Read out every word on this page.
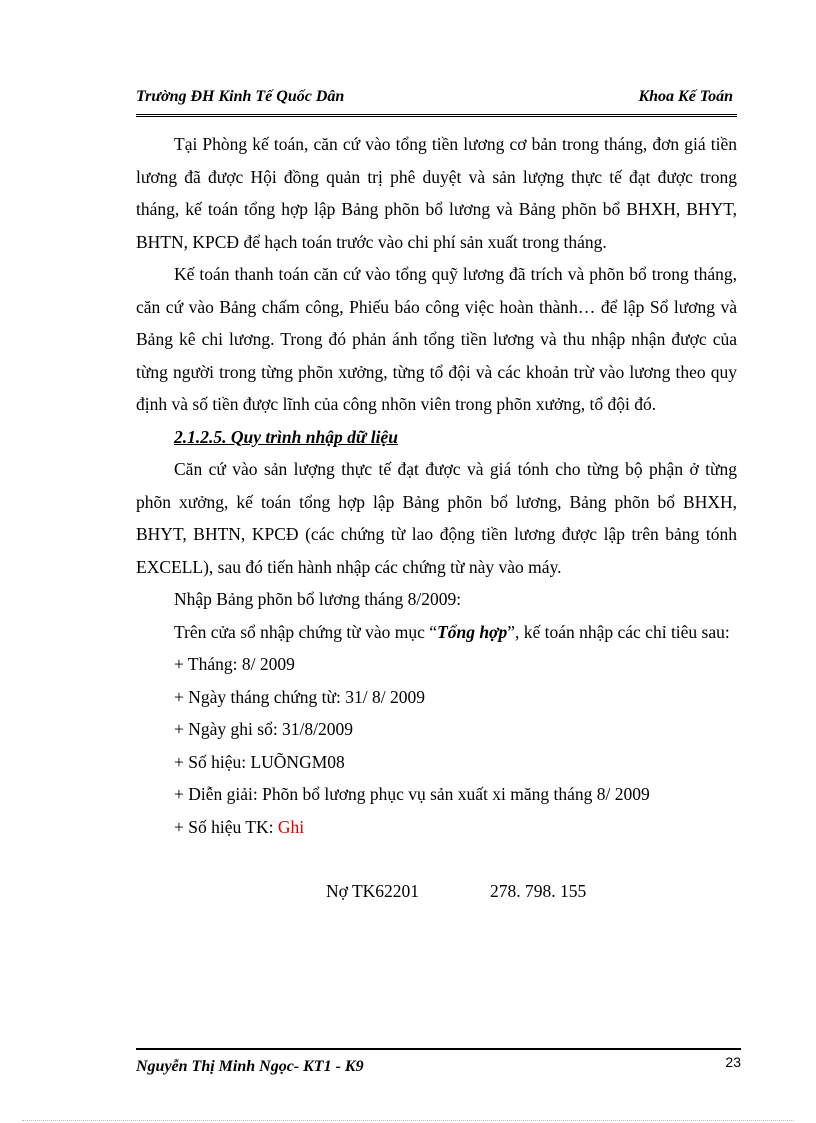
Trường ĐH Kinh Tế Quốc Dân	Khoa Kế Toán

Tại Phòng kế toán, căn cứ vào tổng tiền lương cơ bản trong tháng, đơn giá tiền lương đã được Hội đồng quản trị phê duyệt và sản lượng thực tế đạt được trong tháng, kế toán tổng hợp lập Bảng phõn bổ lương và Bảng phõn bổ BHXH, BHYT, BHTN, KPCĐ để hạch toán trước vào chi phí sản xuất trong tháng.

Kế toán thanh toán căn cứ vào tổng quỹ lương đã trích và phõn bổ trong tháng, căn cứ vào Bảng chấm công, Phiếu báo công việc hoàn thành… để lập Sổ lương và Bảng kê chi lương. Trong đó phản ánh tổng tiền lương và thu nhập nhận được của từng người trong từng phõn xưởng, từng tổ đội và các khoản trừ vào lương theo quy định và số tiền được lĩnh của công nhõn viên trong phõn xưởng, tổ đội đó.

2.1.2.5. Quy trình nhập dữ liệu

Căn cứ vào sản lượng thực tế đạt được và giá tónh cho từng bộ phận ở từng phõn xưởng, kế toán tổng hợp lập Bảng phõn bổ lương, Bảng phõn bổ BHXH, BHYT, BHTN, KPCĐ (các chứng từ lao động tiền lương được lập trên bảng tónh EXCELL), sau đó tiến hành nhập các chứng từ này vào máy.

Nhập Bảng phõn bổ lương tháng 8/2009:

Trên cửa sổ nhập chứng từ vào mục “Tổng hợp”, kế toán nhập các chỉ tiêu sau:

+ Tháng: 8/ 2009

+ Ngày tháng chứng từ: 31/ 8/ 2009

+ Ngày ghi sổ: 31/8/2009

+ Số hiệu: LUÕNGM08

+ Diễn giải: Phõn bổ lương phục vụ sản xuất xi măng tháng 8/ 2009

+ Số hiệu TK: Ghi

Nợ TK62201	278. 798. 155

Nguyễn Thị Minh Ngọc- KT1 - K9	23
